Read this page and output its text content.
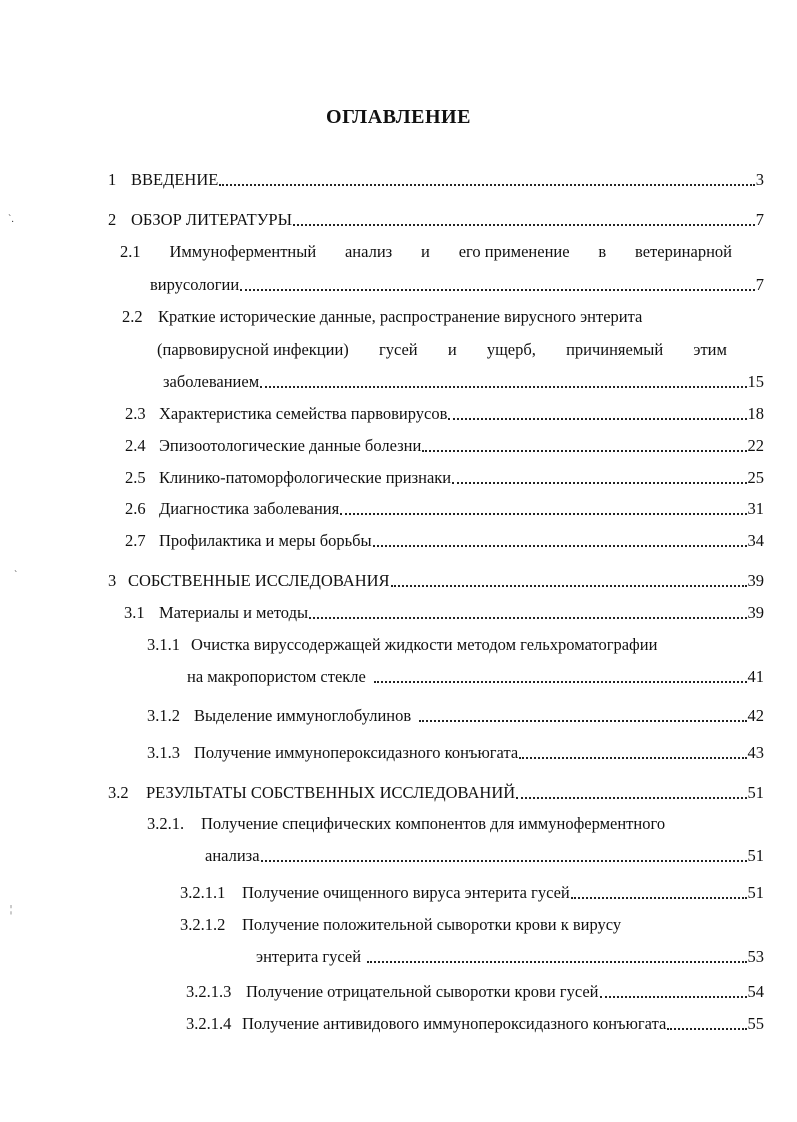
ОГЛАВЛЕНИЕ
1 ВВЕДЕНИЕ	3
2 ОБЗОР ЛИТЕРАТУРЫ	7
2.1 Иммуноферментный анализ и его применение в ветеринарной
вирусологии	7
2.2 Краткие исторические данные, распространение вирусного энтерита
(парвовирусной инфекции) гусей и ущерб, причиняемый этим
заболеванием	15
2.3 Характеристика семейства парвовирусов	18
2.4 Эпизоотологические данные болезни	22
2.5 Клинико-патоморфологические признаки	25
2.6 Диагностика заболевания	31
2.7 Профилактика и меры борьбы	34
3 СОБСТВЕННЫЕ ИССЛЕДОВАНИЯ	39
3.1 Материалы и методы	39
3.1.1 Очистка вируссодержащей жидкости методом гельхроматографии
на макропористом стекле	41
3.1.2 Выделение иммуноглобулинов	42
3.1.3 Получение иммунопероксидазного конъюгата	43
3.2	РЕЗУЛЬТАТЫ СОБСТВЕННЫХ ИССЛЕДОВАНИЙ	51
3.2.1.	Получение специфических компонентов для иммуноферментного
анализа	51
3.2.1.1	Получение очищенного вируса энтерита гусей	51
3.2.1.2	Получение положительной сыворотки крови к вирусу
энтерита гусей	53
3.2.1.3 Получение отрицательной сыворотки крови гусей	54
3.2.1.4 Получение антивидового иммунопероксидазного конъюгата	55
`.
`
¦
